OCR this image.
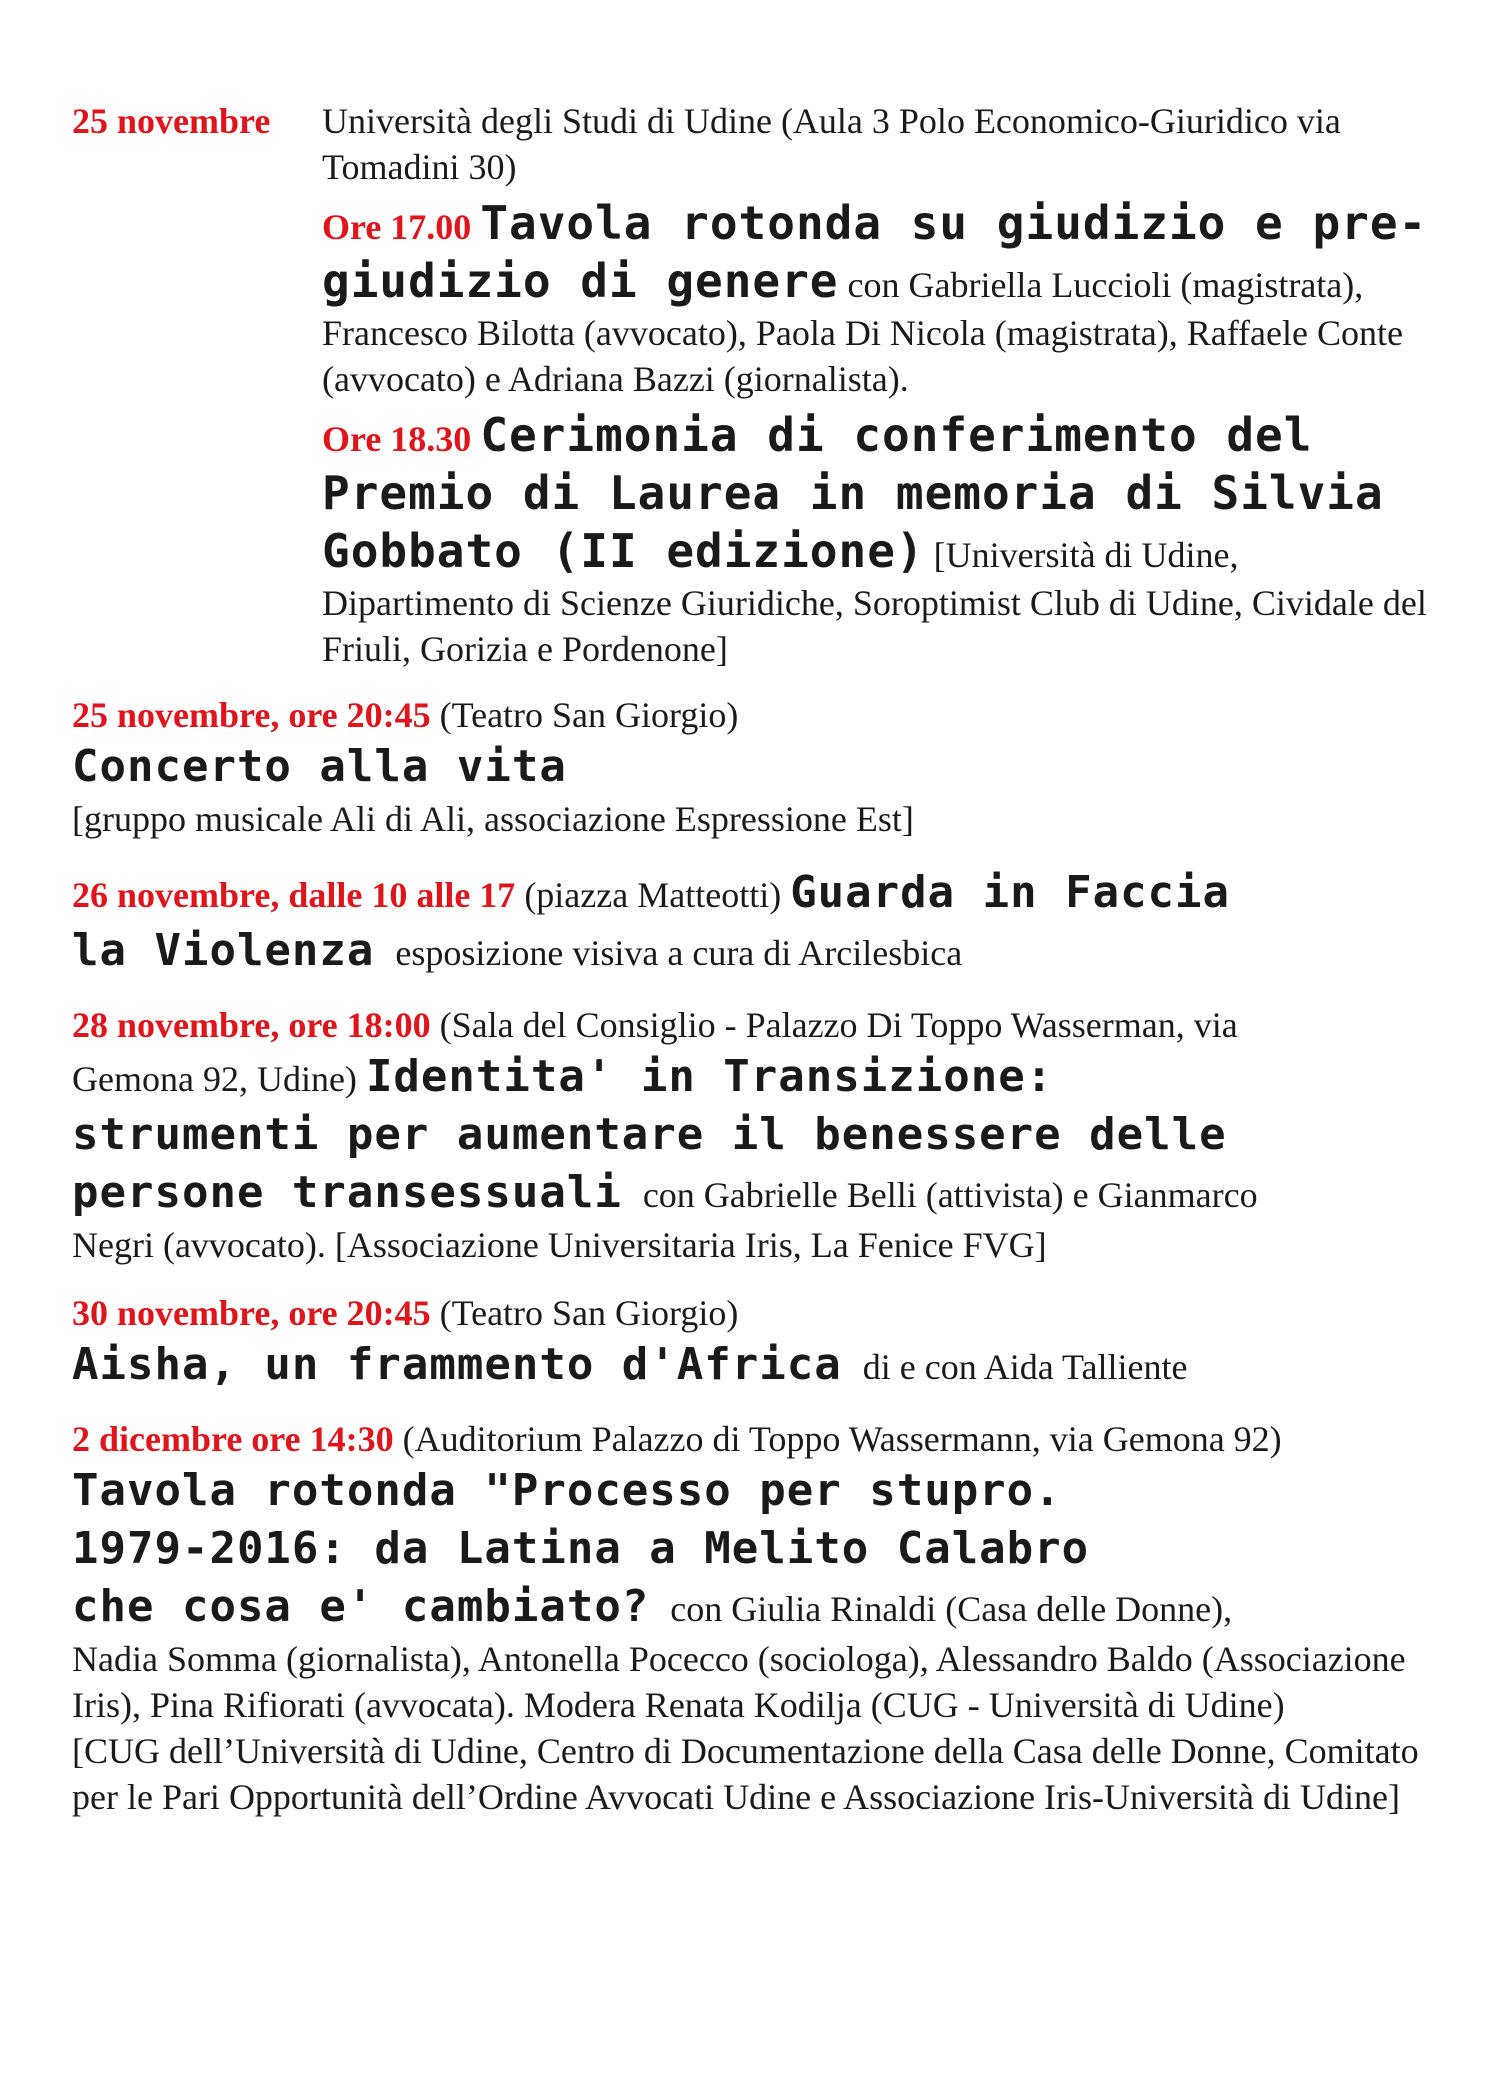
25 novembre	Università degli Studi di Udine (Aula 3 Polo Economico-Giuridico via Tomadini 30)

Ore 17.00 Tavola rotonda su giudizio e pre-giudizio di genere con Gabriella Luccioli (magistrata), Francesco Bilotta (avvocato), Paola Di Nicola (magistrata), Raffaele Conte (avvocato) e Adriana Bazzi (giornalista).

Ore 18.30 Cerimonia di conferimento del Premio di Laurea in memoria di Silvia Gobbato (II edizione) [Università di Udine, Dipartimento di Scienze Giuridiche, Soroptimist Club di Udine, Cividale del Friuli, Gorizia e Pordenone]

25 novembre, ore 20:45 (Teatro San Giorgio)

Concerto alla vita

[gruppo musicale Ali di Ali, associazione Espressione Est]

26 novembre, dalle 10 alle 17 (piazza Matteotti) Guarda in Faccia

la Violenza esposizione visiva a cura di Arcilesbica

28 novembre, ore 18:00 (Sala del Consiglio - Palazzo Di Toppo Wasserman, via

Gemona 92, Udine) Identita' in Transizione:

strumenti per aumentare il benessere delle

persone transessuali con Gabrielle Belli (attivista) e Gianmarco

Negri (avvocato). [Associazione Universitaria Iris, La Fenice FVG]

30 novembre, ore 20:45 (Teatro San Giorgio)

Aisha, un frammento d'Africa di e con Aida Talliente

2 dicembre ore 14:30 (Auditorium Palazzo di Toppo Wassermann, via Gemona 92)

Tavola rotonda "Processo per stupro.

1979-2016: da Latina a Melito Calabro

che cosa e' cambiato? con Giulia Rinaldi (Casa delle Donne),

Nadia Somma (giornalista), Antonella Pocecco (sociologa), Alessandro Baldo (Associazione Iris), Pina Rifiorati (avvocata). Modera Renata Kodilja (CUG - Università di Udine)

[CUG dell’Università di Udine, Centro di Documentazione della Casa delle Donne, Comitato per le Pari Opportunità dell’Ordine Avvocati Udine e Associazione Iris-Università di Udine]
